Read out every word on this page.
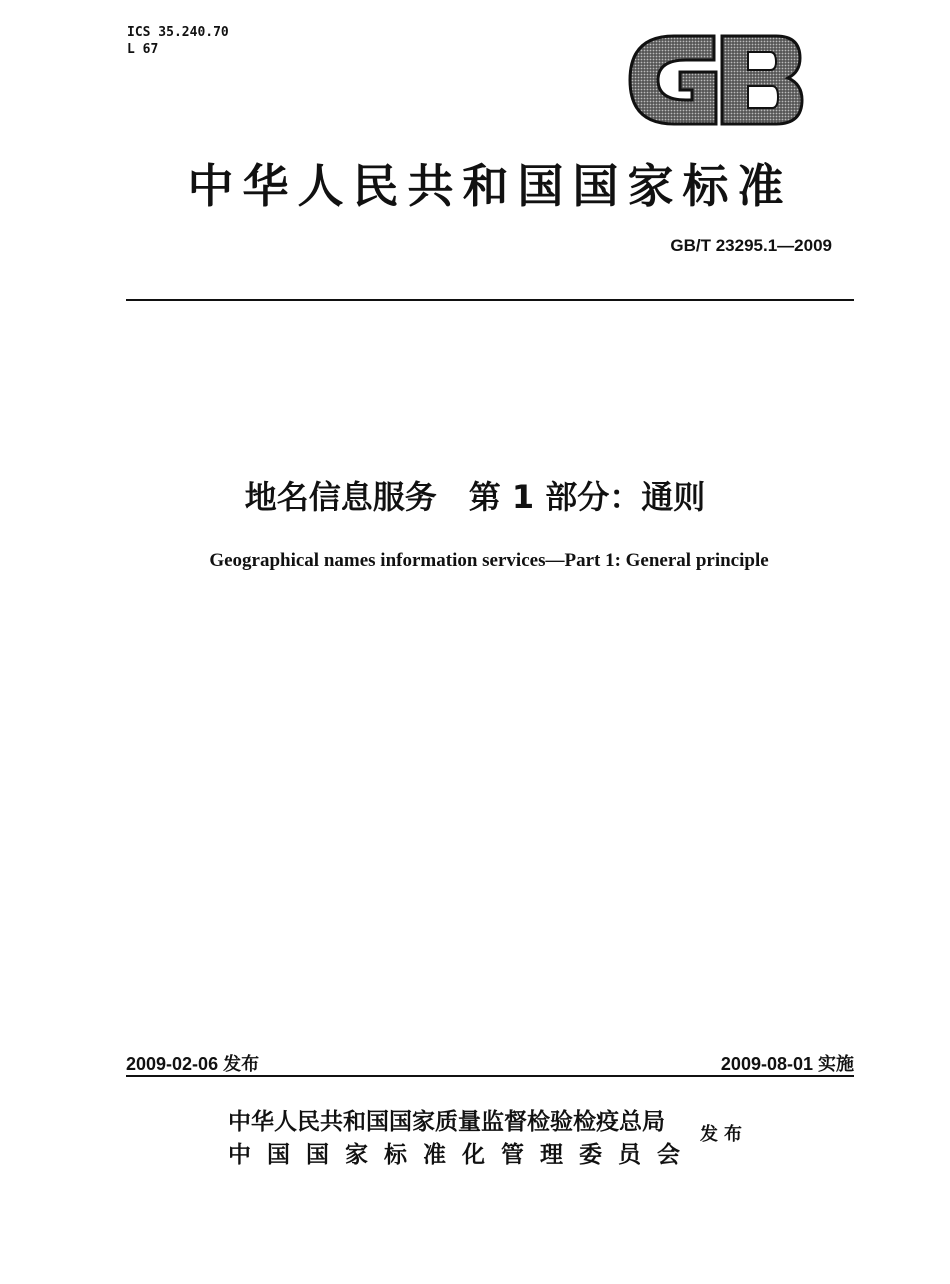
ICS 35.240.70
L 67
中华人民共和国国家标准
GB/T 23295.1—2009
地名信息服务　第 1 部分：通则
Geographical names information services—Part 1: General principle
2009-02-06 发布	2009-08-01 实施
中华人民共和国国家质量监督检验检疫总局
中国国家标准化管理委员会
发布
